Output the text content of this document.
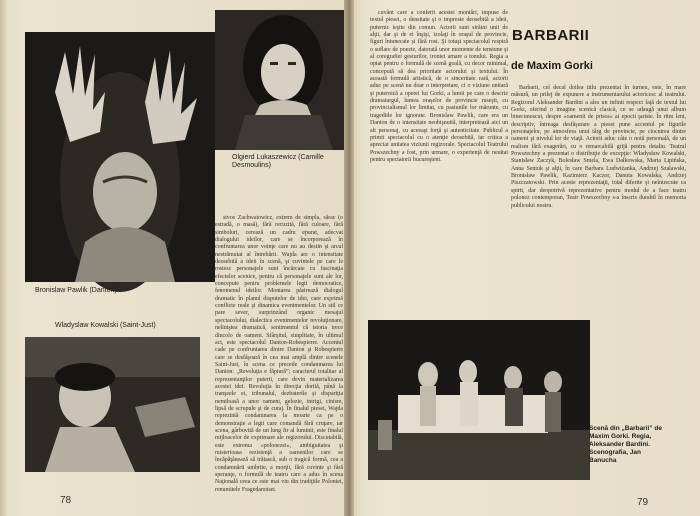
Olgierd Lukaszewicz (Camille Desmoulins)
Bronislaw Pawlik (Danton)
Wladyslaw Kowalski (Saint-Just)

stvos Zachwatowicz, extrem de simpla, sărac (o estradă, o masă), fără recuzită, fără culoare, fără simboluri, cerează un cadru epurat, adecvat dialogului ideilor, care se încorporează în confruntarea unor voinţe care nu au destin şi arcul nestrămutat al întrebării. Wajda are o intensitate deosebită a ideii în scenă, şi cuvintele pe care le rostesc personajele sunt încărcate cu fascinaţia efectelor scenice, pentru că personajele sunt ale lor, concepute pentru problemele legii democratice, fenomenul ideilor. Montarea păstrează dialogul dramatic în planul disputelor de idei, care exprimă conflicte reale şi dinamica evenimentelor. Un stil ce pare sever, surprinzând organic mesajul spectacolului, dialectica evenimentelor revoluţionare, neliniştea dramatică, sentimentul că istoria trece dincolo de oameni. Sfârşitul, simplitate, în ultimul act, este spectacolul Danton-Robespierre. Accentul cade pe confruntarea dintre Danton şi Robespierre care se desfăşoară în cea mai amplă dintre scenele Saint-Just, în scena ce precede condamnarea lui Danton: „Revoluţia e făptură”; caracterul totalitar al reprezentanţilor puterii, care devin materializarea acestei idei. Revoluţia în direcţia dorită, până la tranşeele ei, tribunalul, dezbaterile şi dispariţia nemiloasă a unor oameni, gelozie, intrigi, cinism, lipsă de scrupule şi de curaj. În finalul piesei, Wajda reprezintă condamnarea la moarte ca pe o demonstraţie a legii care comandă fără cruţare, iar scena, gârbovită de un lung fir al luminii, este finalul mijloacelor de exprimare ale regizorului. Discutabilă, este extrema «polonezei», ambiguitatea şi misterioasa rezistenţă a oamenilor care se încăpăţânează să trăiască, sub o tragică formă, cea a condamnării umbrite, a morţii, fără cuvinte şi fără speranţe, o formulă de teatru care a adus în scena Naţională ceea ce este mai viu din tradiţiile Poloniei, renumitele Fragedanoiset.

78

cuvânt care a conferit acestei montări, impuse de textul piesei, o densitate şi o impresie deosebită a ideii, puternic ieşite din comun. Actorii sunt străini unii de alţii, dar şi de ei înşişi, izolaţi în oraşul de provincie, figuri întunecate şi fără rost. Şi totuşi spectacolul respiră o suflare de poezie, datorată unor momente de tensiune şi al coregrafiei gesturilor, ironiei amare a tonului. Regia a optat pentru o formulă de scenă goală, cu decor minimal, concepută să dea prioritate actorului şi textului. În această formulă artistică, de o sinceritate rară, actorii aduc pe scenă nu doar o interpretare, ci o viziune unitară şi puternică a operei lui Gorki, a lumii pe care o descrie dramaturgul, lumea oraşelor de provincie ruseşti, cu provincialismul lor limitat, cu pasiunile lor mărunte, cu tragediile lor ignorate. Bronislaw Pawlik, care era un Danton de o intensitate neobişnuită, interpretează aici un alt personaj, cu aceeaşi forţă şi autenticitate. Publicul a primit spectacolul cu o atenţie deosebită, iar critica a apreciat unitatea viziunii regizorale. Spectacolul Teatrului Powszechny a fost, prin urmare, o experienţă de neuitat pentru spectatorii bucureşteni.

Barbarii, cel decal doilea titlu prezentat în turneu, este, în mare măsură, un prilej de expunere a instrumentarului actoricesc al teatrului. Regizorul Aleksander Bardini a ales un infinit respect faţă de textul lui Gorki, oferind o imagine scenică clasică, ce se adaugă unui album binecunoscut, despre «oamenii de prisos» ai epocii ţariste. În ritm lent, descriptiv, întreaga desfăşurare a piesei pune accentul pe figurile personajelor, pe atmosfera unui târg de provincie, pe ciocnirea dintre oameni şi nivelul lor de viaţă. Actorii aduc câte o notă personală, de un realism fără exagerări, cu o remarcabilă grijă pentru detaliu. Teatrul Powszechny a prezentat o distribuţie de excepţie: Władysław Kowalski, Stanisław Zaczyk, Bolesław Smela, Ewa Dałkowska, Marta Lipińska, Anna Seniuk şi alţii, în care Barbara Ludwiżanka, Andrzej Szalawski, Bronisław Pawlik, Kazimierz Kaczor, Danuta Kowalska, Andrzej Piszczatowski. Prin aceste reprezentaţii, total diferite şi neîntrecute ca spirit, dar deopotrivă reprezentative pentru modul de a face teatru polonez contemporan, Teatr Powszechny s-a înscris durabil în memoria publicului nostru.

Scenă din „Barbarii” de Maxim Gorki. Regia, Aleksander Bardini. Scenografia, Jan Banucha
79
BARBARII
de Maxim Gorki
